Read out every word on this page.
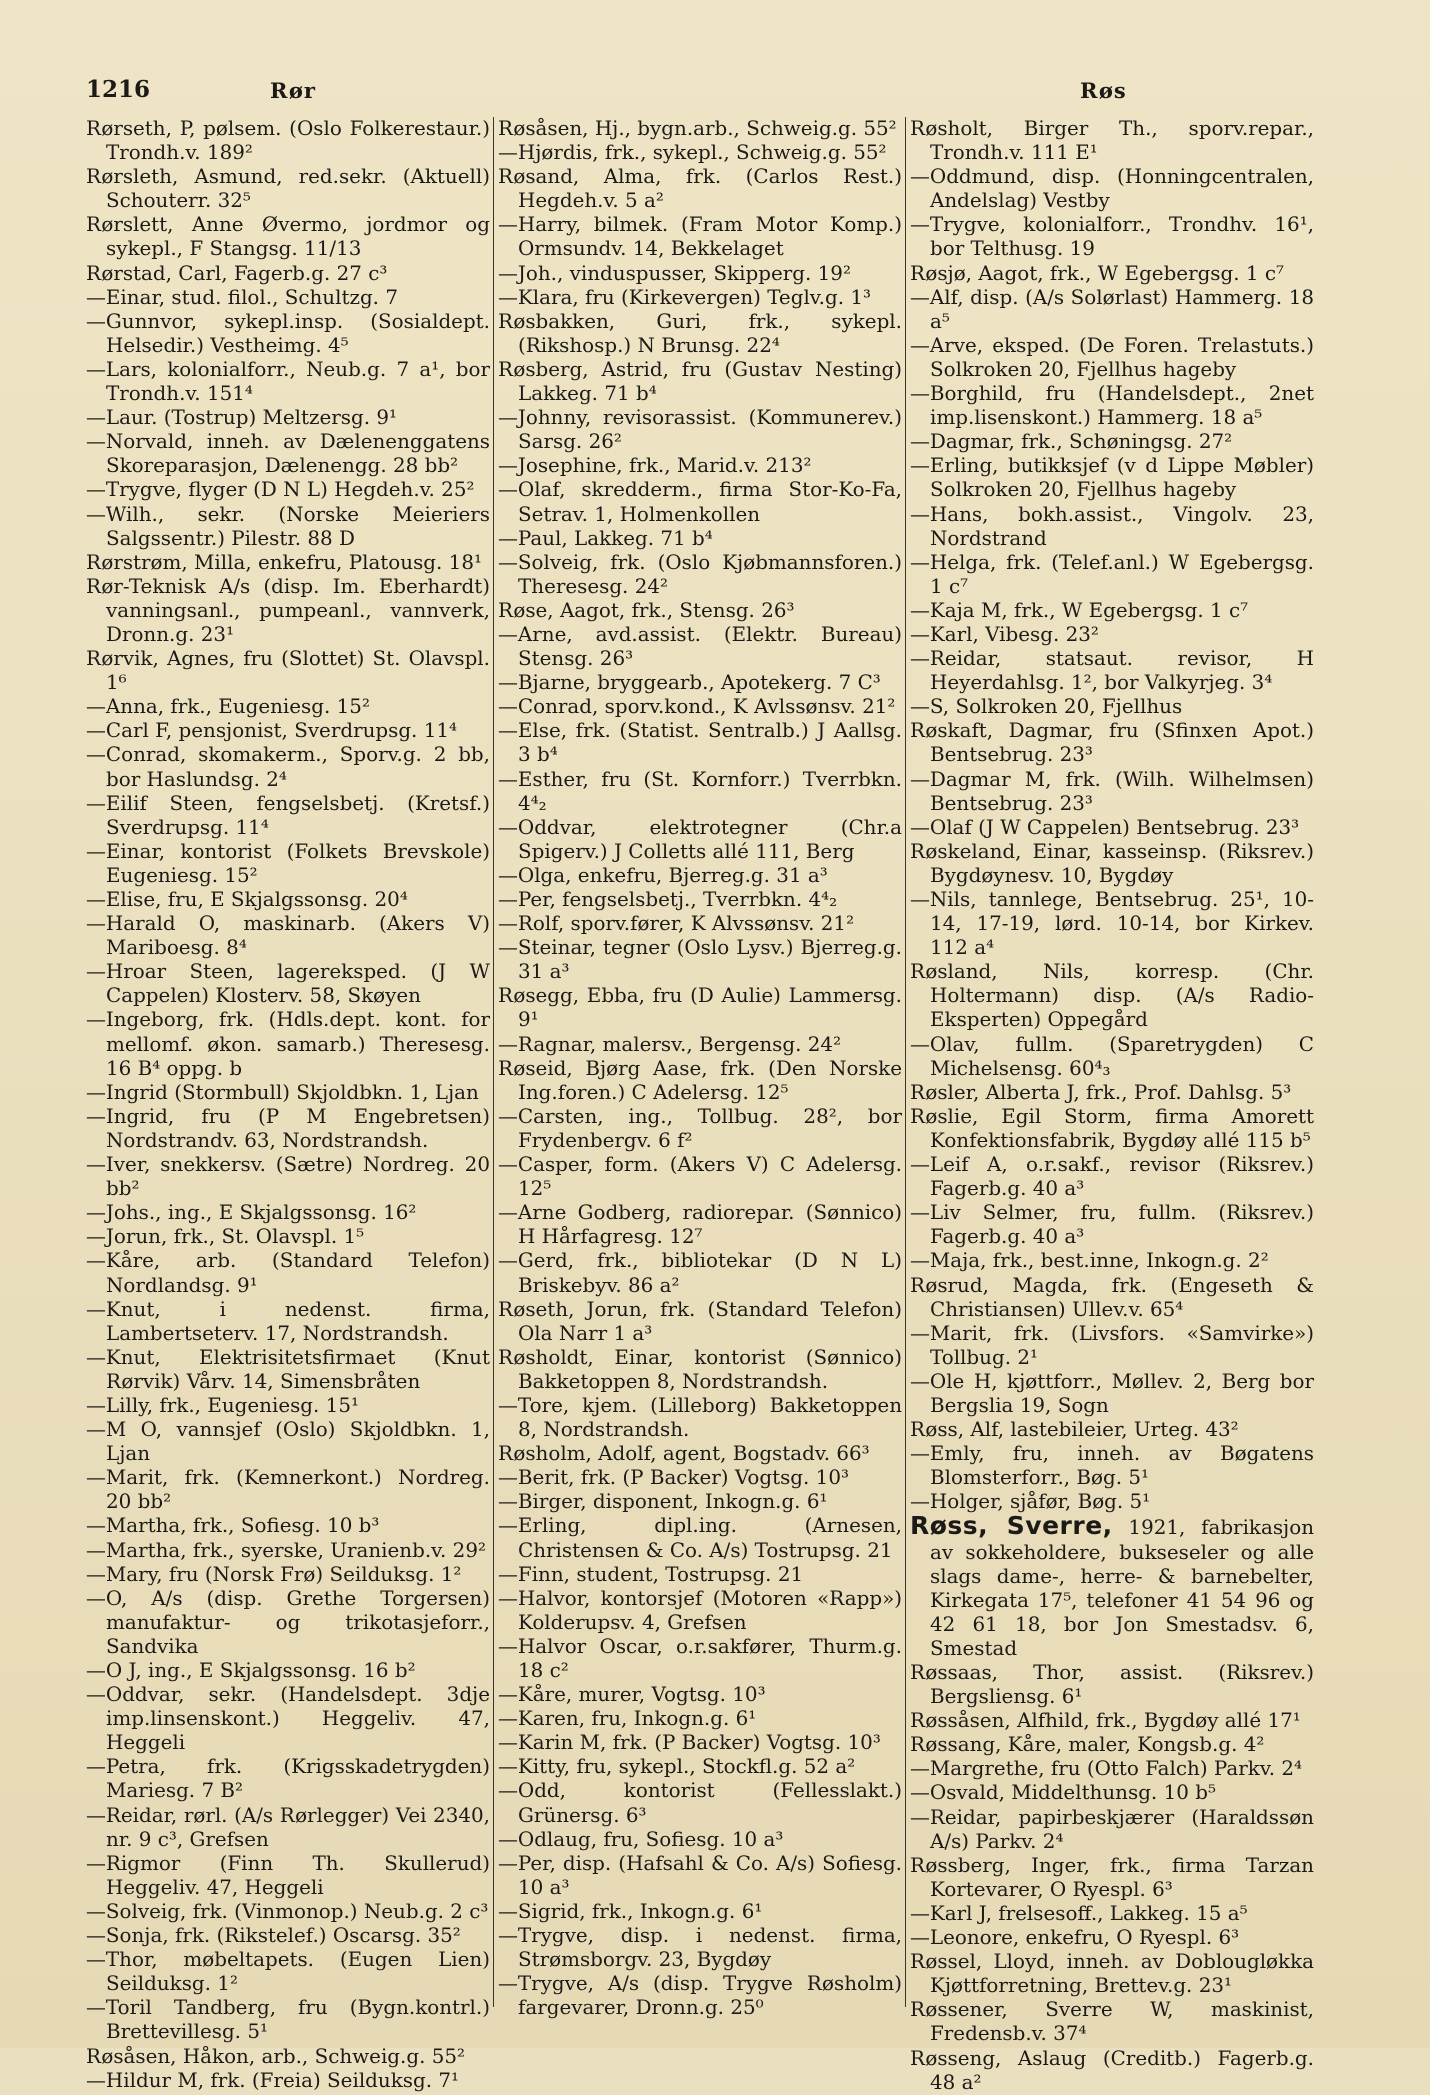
1216	Rør	Røs

Rørseth, P, pølsem. (Oslo Folkerestaur.) Trondh.v. 189²

Rørsleth, Asmund, red.sekr. (Aktuell) Schouterr. 32⁵

Rørslett, Anne Øvermo, jordmor og sykepl., F Stangsg. 11/13

Rørstad, Carl, Fagerb.g. 27 c³

—Einar, stud. filol., Schultzg. 7

—Gunnvor, sykepl.insp. (Sosialdept. Helsedir.) Vestheimg. 4⁵

—Lars, kolonialforr., Neub.g. 7 a¹, bor Trondh.v. 151⁴

—Laur. (Tostrup) Meltzersg. 9¹

—Norvald, inneh. av Dælenenggatens Skoreparasjon, Dælenengg. 28 bb²

—Trygve, flyger (D N L) Hegdeh.v. 25²

—Wilh., sekr. (Norske Meieriers Salgssentr.) Pilestr. 88 D

Rørstrøm, Milla, enkefru, Platousg. 18¹

Rør-Teknisk A/s (disp. Im. Eberhardt) vanningsanl., pumpeanl., vannverk, Dronn.g. 23¹

Rørvik, Agnes, fru (Slottet) St. Olavspl. 1⁶

—Anna, frk., Eugeniesg. 15²

—Carl F, pensjonist, Sverdrupsg. 11⁴

—Conrad, skomakerm., Sporv.g. 2 bb, bor Haslundsg. 2⁴

—Eilif Steen, fengselsbetj. (Kretsf.) Sverdrupsg. 11⁴

—Einar, kontorist (Folkets Brevskole) Eugeniesg. 15²

—Elise, fru, E Skjalgssonsg. 20⁴

—Harald O, maskinarb. (Akers V) Mariboesg. 8⁴

—Hroar Steen, lagereksped. (J W Cappelen) Klosterv. 58, Skøyen

—Ingeborg, frk. (Hdls.dept. kont. for mellomf. økon. samarb.) Theresesg. 16 B⁴ oppg. b

—Ingrid (Stormbull) Skjoldbkn. 1, Ljan

—Ingrid, fru (P M Engebretsen) Nordstrandv. 63, Nordstrandsh.

—Iver, snekkersv. (Sætre) Nordreg. 20 bb²

—Johs., ing., E Skjalgssonsg. 16²

—Jorun, frk., St. Olavspl. 1⁵

—Kåre, arb. (Standard Telefon) Nordlandsg. 9¹

—Knut, i nedenst. firma, Lambertseterv. 17, Nordstrandsh.

—Knut, Elektrisitetsfirmaet (Knut Rørvik) Vårv. 14, Simensbråten

—Lilly, frk., Eugeniesg. 15¹

—M O, vannsjef (Oslo) Skjoldbkn. 1, Ljan

—Marit, frk. (Kemnerkont.) Nordreg. 20 bb²

—Martha, frk., Sofiesg. 10 b³

—Martha, frk., syerske, Uranienb.v. 29²

—Mary, fru (Norsk Frø) Seilduksg. 1²

—O, A/s (disp. Grethe Torgersen) manufaktur- og trikotasjeforr., Sandvika

—O J, ing., E Skjalgssonsg. 16 b²

—Oddvar, sekr. (Handelsdept. 3dje imp.linsenskont.) Heggeliv. 47, Heggeli

—Petra, frk. (Krigsskadetrygden) Mariesg. 7 B²

—Reidar, rørl. (A/s Rørlegger) Vei 2340, nr. 9 c³, Grefsen

—Rigmor (Finn Th. Skullerud) Heggeliv. 47, Heggeli

—Solveig, frk. (Vinmonop.) Neub.g. 2 c³

—Sonja, frk. (Rikstelef.) Oscarsg. 35²

—Thor, møbeltapets. (Eugen Lien) Seilduksg. 1²

—Toril Tandberg, fru (Bygn.kontrl.) Brettevillesg. 5¹

Røsåsen, Håkon, arb., Schweig.g. 55²

—Hildur M, frk. (Freia) Seilduksg. 7¹

Røsåsen, Hj., bygn.arb., Schweig.g. 55²

—Hjørdis, frk., sykepl., Schweig.g. 55²

Røsand, Alma, frk. (Carlos Rest.) Hegdeh.v. 5 a²

—Harry, bilmek. (Fram Motor Komp.) Ormsundv. 14, Bekkelaget

—Joh., vinduspusser, Skipperg. 19²

—Klara, fru (Kirkevergen) Teglv.g. 1³

Røsbakken, Guri, frk., sykepl. (Rikshosp.) N Brunsg. 22⁴

Røsberg, Astrid, fru (Gustav Nesting) Lakkeg. 71 b⁴

—Johnny, revisorassist. (Kommunerev.) Sarsg. 26²

—Josephine, frk., Marid.v. 213²

—Olaf, skredderm., firma Stor-Ko-Fa, Setrav. 1, Holmenkollen

—Paul, Lakkeg. 71 b⁴

—Solveig, frk. (Oslo Kjøbmannsforen.) Theresesg. 24²

Røse, Aagot, frk., Stensg. 26³

—Arne, avd.assist. (Elektr. Bureau) Stensg. 26³

—Bjarne, bryggearb., Apotekerg. 7 C³

—Conrad, sporv.kond., K Avlssønsv. 21²

—Else, frk. (Statist. Sentralb.) J Aallsg. 3 b⁴

—Esther, fru (St. Kornforr.) Tverrbkn. 4⁴₂

—Oddvar, elektrotegner (Chr.a Spigerv.) J Colletts allé 111, Berg

—Olga, enkefru, Bjerreg.g. 31 a³

—Per, fengselsbetj., Tverrbkn. 4⁴₂

—Rolf, sporv.fører, K Alvssønsv. 21²

—Steinar, tegner (Oslo Lysv.) Bjerreg.g. 31 a³

Røsegg, Ebba, fru (D Aulie) Lammersg. 9¹

—Ragnar, malersv., Bergensg. 24²

Røseid, Bjørg Aase, frk. (Den Norske Ing.foren.) C Adelersg. 12⁵

—Carsten, ing., Tollbug. 28², bor Frydenbergv. 6 f²

—Casper, form. (Akers V) C Adelersg. 12⁵

—Arne Godberg, radiorepar. (Sønnico) H Hårfagresg. 12⁷

—Gerd, frk., bibliotekar (D N L) Briskebyv. 86 a²

Røseth, Jorun, frk. (Standard Telefon) Ola Narr 1 a³

Røsholdt, Einar, kontorist (Sønnico) Bakketoppen 8, Nordstrandsh.

—Tore, kjem. (Lilleborg) Bakketoppen 8, Nordstrandsh.

Røsholm, Adolf, agent, Bogstadv. 66³

—Berit, frk. (P Backer) Vogtsg. 10³

—Birger, disponent, Inkogn.g. 6¹

—Erling, dipl.ing. (Arnesen, Christensen & Co. A/s) Tostrupsg. 21

—Finn, student, Tostrupsg. 21

—Halvor, kontorsjef (Motoren «Rapp») Kolderupsv. 4, Grefsen

—Halvor Oscar, o.r.sakfører, Thurm.g. 18 c²

—Kåre, murer, Vogtsg. 10³

—Karen, fru, Inkogn.g. 6¹

—Karin M, frk. (P Backer) Vogtsg. 10³

—Kitty, fru, sykepl., Stockfl.g. 52 a²

—Odd, kontorist (Fellesslakt.) Grünersg. 6³

—Odlaug, fru, Sofiesg. 10 a³

—Per, disp. (Hafsahl & Co. A/s) Sofiesg. 10 a³

—Sigrid, frk., Inkogn.g. 6¹

—Trygve, disp. i nedenst. firma, Strømsborgv. 23, Bygdøy

—Trygve, A/s (disp. Trygve Røsholm) fargevarer, Dronn.g. 25⁰

Røsholt, Birger Th., sporv.repar., Trondh.v. 111 E¹

—Oddmund, disp. (Honningcentralen, Andelslag) Vestby

—Trygve, kolonialforr., Trondhv. 16¹, bor Telthusg. 19

Røsjø, Aagot, frk., W Egebergsg. 1 c⁷

—Alf, disp. (A/s Solørlast) Hammerg. 18 a⁵

—Arve, eksped. (De Foren. Trelastuts.) Solkroken 20, Fjellhus hageby

—Borghild, fru (Handelsdept., 2net imp.lisenskont.) Hammerg. 18 a⁵

—Dagmar, frk., Schøningsg. 27²

—Erling, butikksjef (v d Lippe Møbler) Solkroken 20, Fjellhus hageby

—Hans, bokh.assist., Vingolv. 23, Nordstrand

—Helga, frk. (Telef.anl.) W Egebergsg. 1 c⁷

—Kaja M, frk., W Egebergsg. 1 c⁷

—Karl, Vibesg. 23²

—Reidar, statsaut. revisor, H Heyerdahlsg. 1², bor Valkyrjeg. 3⁴

—S, Solkroken 20, Fjellhus

Røskaft, Dagmar, fru (Sfinxen Apot.) Bentsebrug. 23³

—Dagmar M, frk. (Wilh. Wilhelmsen) Bentsebrug. 23³

—Olaf (J W Cappelen) Bentsebrug. 23³

Røskeland, Einar, kasseinsp. (Riksrev.) Bygdøynesv. 10, Bygdøy

—Nils, tannlege, Bentsebrug. 25¹, 10-14, 17-19, lørd. 10-14, bor Kirkev. 112 a⁴

Røsland, Nils, korresp. (Chr. Holtermann) disp. (A/s Radio-Eksperten) Oppegård

—Olav, fullm. (Sparetrygden) C Michelsensg. 60⁴₃

Røsler, Alberta J, frk., Prof. Dahlsg. 5³

Røslie, Egil Storm, firma Amorett Konfektionsfabrik, Bygdøy allé 115 b⁵

—Leif A, o.r.sakf., revisor (Riksrev.) Fagerb.g. 40 a³

—Liv Selmer, fru, fullm. (Riksrev.) Fagerb.g. 40 a³

—Maja, frk., best.inne, Inkogn.g. 2²

Røsrud, Magda, frk. (Engeseth & Christiansen) Ullev.v. 65⁴

—Marit, frk. (Livsfors. «Samvirke») Tollbug. 2¹

—Ole H, kjøttforr., Møllev. 2, Berg bor Bergslia 19, Sogn

Røss, Alf, lastebileier, Urteg. 43²

—Emly, fru, inneh. av Bøgatens Blomsterforr., Bøg. 5¹

—Holger, sjåfør, Bøg. 5¹

Røss, Sverre, 1921, fabrikasjon av sokkeholdere, bukseseler og alle slags dame-, herre- & barnebelter, Kirkegata 17⁵, telefoner 41 54 96 og 42 61 18, bor Jon Smestadsv. 6, Smestad

Røssaas, Thor, assist. (Riksrev.) Bergsliensg. 6¹

Røssåsen, Alfhild, frk., Bygdøy allé 17¹

Røssang, Kåre, maler, Kongsb.g. 4²

—Margrethe, fru (Otto Falch) Parkv. 2⁴

—Osvald, Middelthunsg. 10 b⁵

—Reidar, papirbeskjærer (Haraldssøn A/s) Parkv. 2⁴

Røssberg, Inger, frk., firma Tarzan Kortevarer, O Ryespl. 6³

—Karl J, frelsesoff., Lakkeg. 15 a⁵

—Leonore, enkefru, O Ryespl. 6³

Røssel, Lloyd, inneh. av Doblougløkka Kjøttforretning, Brettev.g. 23¹

Røssener, Sverre W, maskinist, Fredensb.v. 37⁴

Røsseng, Aslaug (Creditb.) Fagerb.g. 48 a²
